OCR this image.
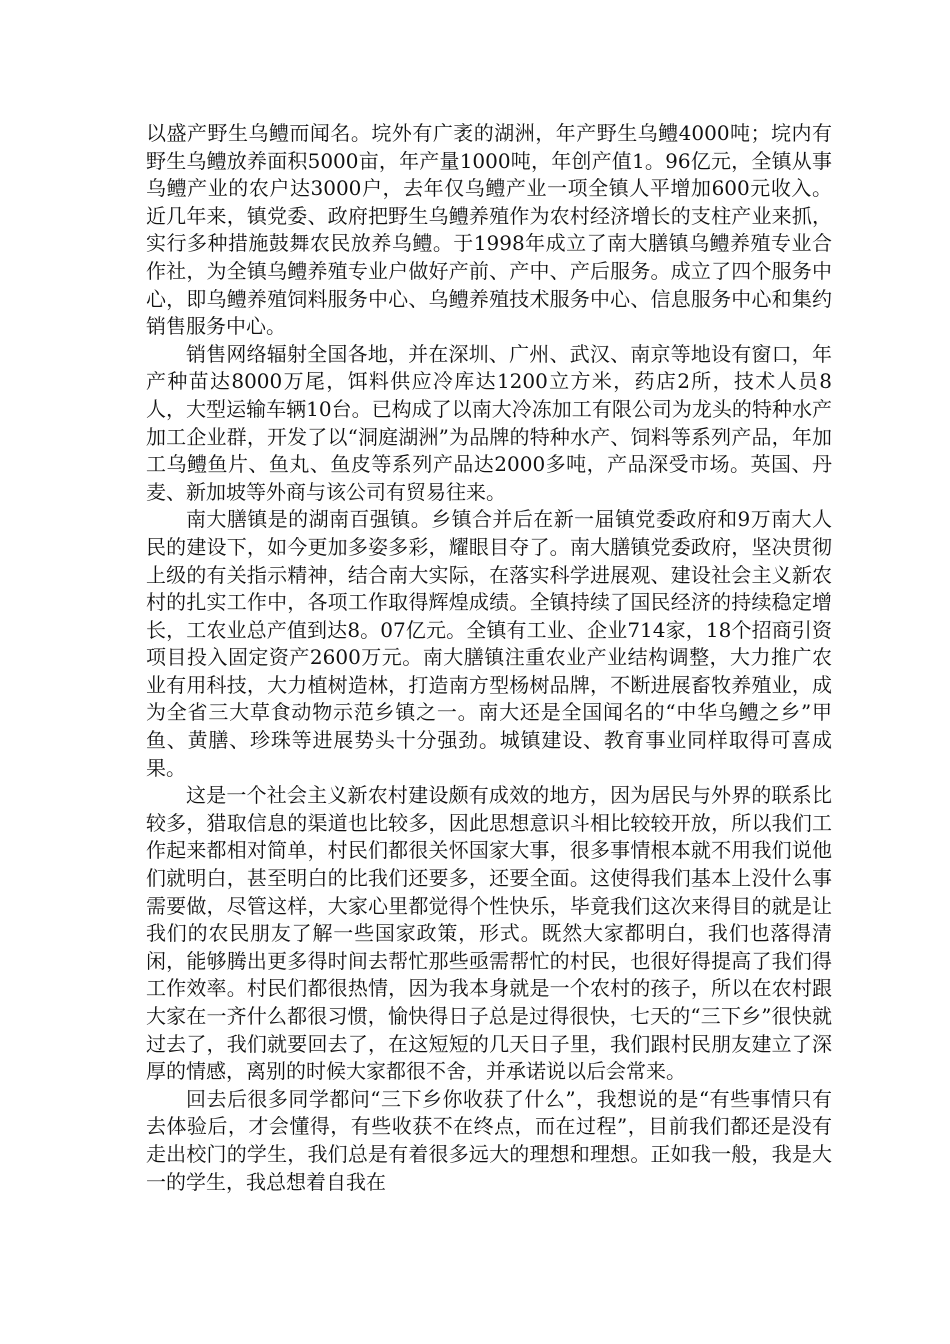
以盛产野生乌鳢而闻名。垸外有广袤的湖洲，年产野生乌鳢4000吨；垸内有野生乌鳢放养面积5000亩，年产量1000吨，年创产值1。96亿元，全镇从事乌鳢产业的农户达3000户，去年仅乌鳢产业一项全镇人平增加600元收入。近几年来，镇党委、政府把野生乌鳢养殖作为农村经济增长的支柱产业来抓，实行多种措施鼓舞农民放养乌鳢。于1998年成立了南大膳镇乌鳢养殖专业合作社，为全镇乌鳢养殖专业户做好产前、产中、产后服务。成立了四个服务中心，即乌鳢养殖饲料服务中心、乌鳢养殖技术服务中心、信息服务中心和集约销售服务中心。

销售网络辐射全国各地，并在深圳、广州、武汉、南京等地设有窗口，年产种苗达8000万尾，饵料供应冷库达1200立方米，药店2所，技术人员8人，大型运输车辆10台。已构成了以南大冷冻加工有限公司为龙头的特种水产加工企业群，开发了以“洞庭湖洲”为品牌的特种水产、饲料等系列产品，年加工乌鳢鱼片、鱼丸、鱼皮等系列产品达2000多吨，产品深受市场。英国、丹麦、新加坡等外商与该公司有贸易往来。

南大膳镇是的湖南百强镇。乡镇合并后在新一届镇党委政府和9万南大人民的建设下，如今更加多姿多彩，耀眼目夺了。南大膳镇党委政府，坚决贯彻上级的有关指示精神，结合南大实际，在落实科学进展观、建设社会主义新农村的扎实工作中，各项工作取得辉煌成绩。全镇持续了国民经济的持续稳定增长，工农业总产值到达8。07亿元。全镇有工业、企业714家，18个招商引资项目投入固定资产2600万元。南大膳镇注重农业产业结构调整，大力推广农业有用科技，大力植树造林，打造南方型杨树品牌，不断进展畜牧养殖业，成为全省三大草食动物示范乡镇之一。南大还是全国闻名的“中华乌鳢之乡”甲鱼、黄膳、珍珠等进展势头十分强劲。城镇建设、教育事业同样取得可喜成果。

这是一个社会主义新农村建设颇有成效的地方，因为居民与外界的联系比较多，猎取信息的渠道也比较多，因此思想意识斗相比较较开放，所以我们工作起来都相对简单，村民们都很关怀国家大事，很多事情根本就不用我们说他们就明白，甚至明白的比我们还要多，还要全面。这使得我们基本上没什么事需要做，尽管这样，大家心里都觉得个性快乐，毕竟我们这次来得目的就是让我们的农民朋友了解一些国家政策，形式。既然大家都明白，我们也落得清闲，能够腾出更多得时间去帮忙那些亟需帮忙的村民，也很好得提高了我们得工作效率。村民们都很热情，因为我本身就是一个农村的孩子，所以在农村跟大家在一齐什么都很习惯，愉快得日子总是过得很快，七天的“三下乡”很快就过去了，我们就要回去了，在这短短的几天日子里，我们跟村民朋友建立了深厚的情感，离别的时候大家都很不舍，并承诺说以后会常来。

回去后很多同学都问“三下乡你收获了什么”，我想说的是“有些事情只有去体验后，才会懂得，有些收获不在终点，而在过程”，目前我们都还是没有走出校门的学生，我们总是有着很多远大的理想和理想。正如我一般，我是大一的学生，我总想着自我在
